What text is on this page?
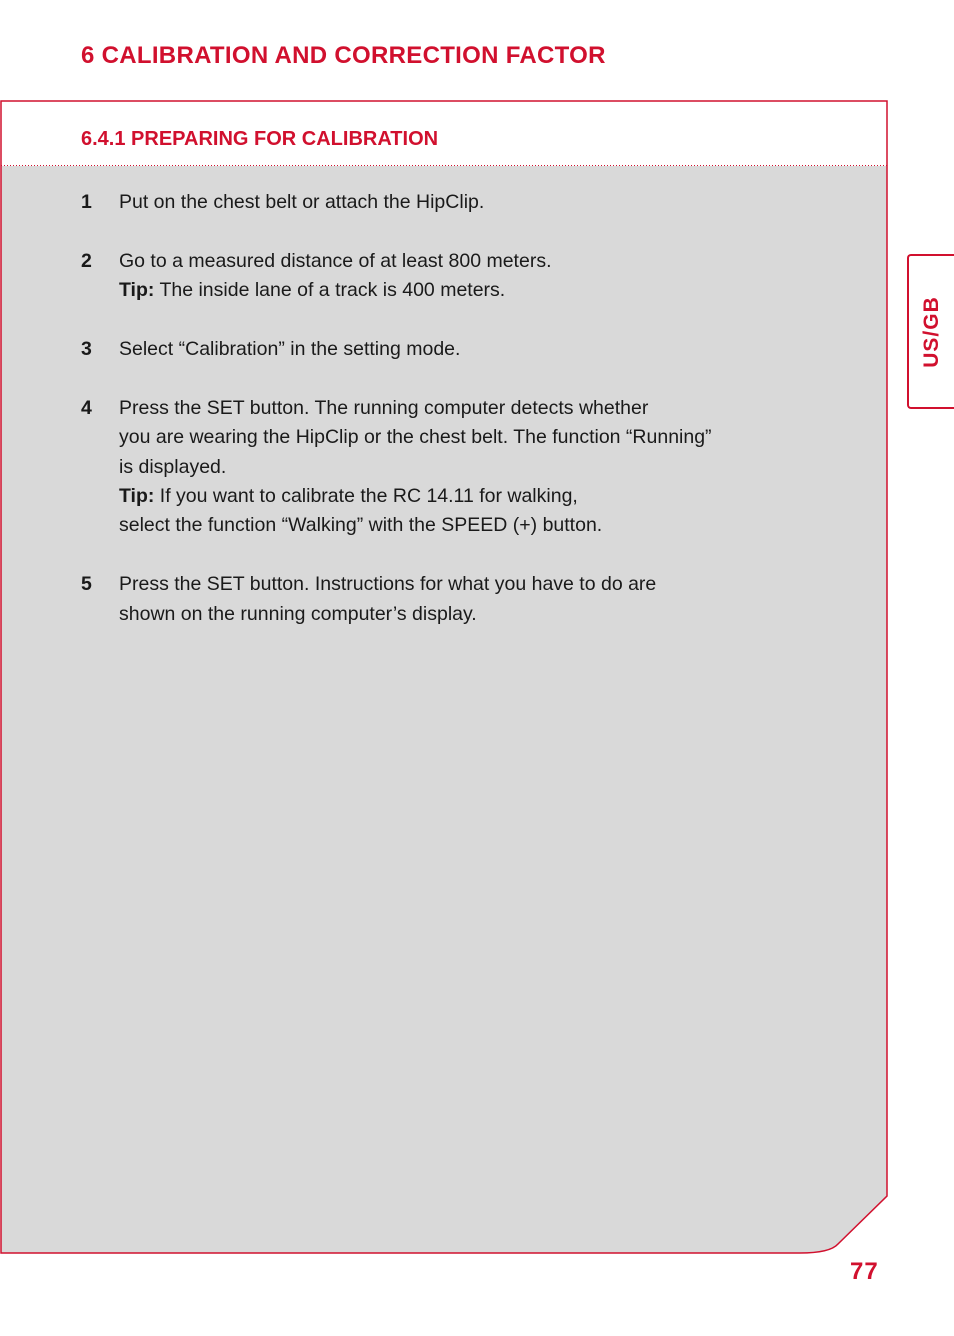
6 CALIBRATION AND CORRECTION FACTOR
6.4.1 PREPARING FOR CALIBRATION
1 Put on the chest belt or attach the HipClip.
2 Go to a measured distance of at least 800 meters.
Tip: The inside lane of a track is 400 meters.
3 Select “Calibration” in the setting mode.
4 Press the SET button. The running computer detects whether
you are wearing the HipClip or the chest belt. The function “Running”
is displayed.
Tip: If you want to calibrate the RC 14.11 for walking,
select the function “Walking” with the SPEED (+) button.
5 Press the SET button. Instructions for what you have to do are
shown on the running computer’s display.
US/GB
77
